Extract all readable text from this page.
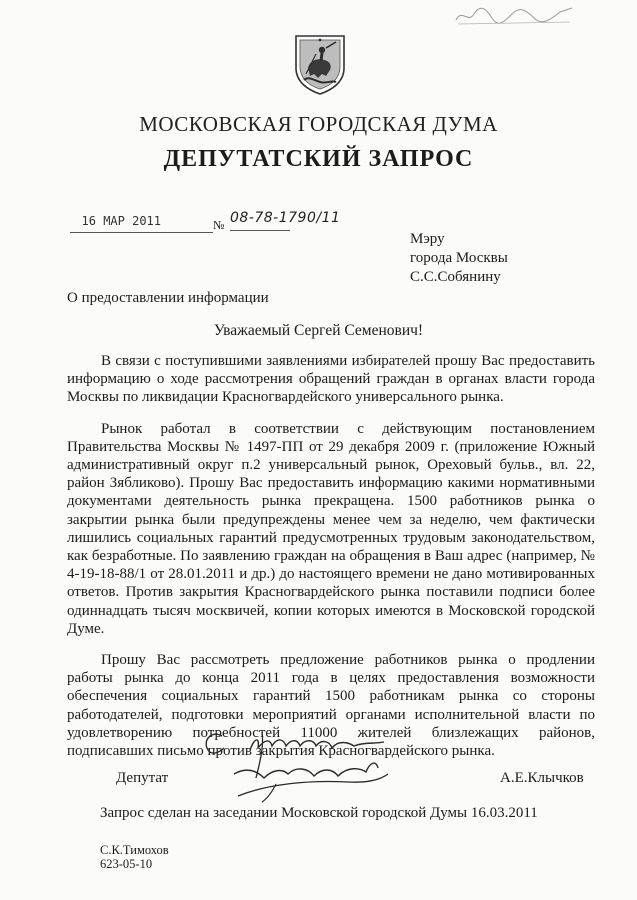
МОСКОВСКАЯ ГОРОДСКАЯ ДУМА
ДЕПУТАТСКИЙ ЗАПРОС
16 МАР 2011	№ 08-78-1790/11
Мэру
города Москвы
С.С.Собянину
О предоставлении информации
Уважаемый Сергей Семенович!

В связи с поступившими заявлениями избирателей прошу Вас предоставить информацию о ходе рассмотрения обращений граждан в органах власти города Москвы по ликвидации Красногвардейского универсального рынка.

Рынок работал в соответствии с действующим постановлением Правительства Москвы № 1497-ПП от 29 декабря 2009 г. (приложение Южный административный округ п.2 универсальный рынок, Ореховый бульв., вл. 22, район Зябликово). Прошу Вас предоставить информацию какими нормативными документами деятельность рынка прекращена. 1500 работников рынка о закрытии рынка были предупреждены менее чем за неделю, чем фактически лишились социальных гарантий предусмотренных трудовым законодательством, как безработные. По заявлению граждан на обращения в Ваш адрес (например, № 4-19-18-88/1 от 28.01.2011 и др.) до настоящего времени не дано мотивированных ответов. Против закрытия Красногвардейского рынка поставили подписи более одиннадцать тысяч москвичей, копии которых имеются в Московской городской Думе.

Прошу Вас рассмотреть предложение работников рынка о продлении работы рынка до конца 2011 года в целях предоставления возможности обеспечения социальных гарантий 1500 работникам рынка со стороны работодателей, подготовки мероприятий органами исполнительной власти по удовлетворению потребностей 11000 жителей близлежащих районов, подписавших письмо против закрытия Красногвардейского рынка.

Депутат	А.Е.Клычков
Запрос сделан на заседании Московской городской Думы 16.03.2011
С.К.Тимохов
623-05-10
